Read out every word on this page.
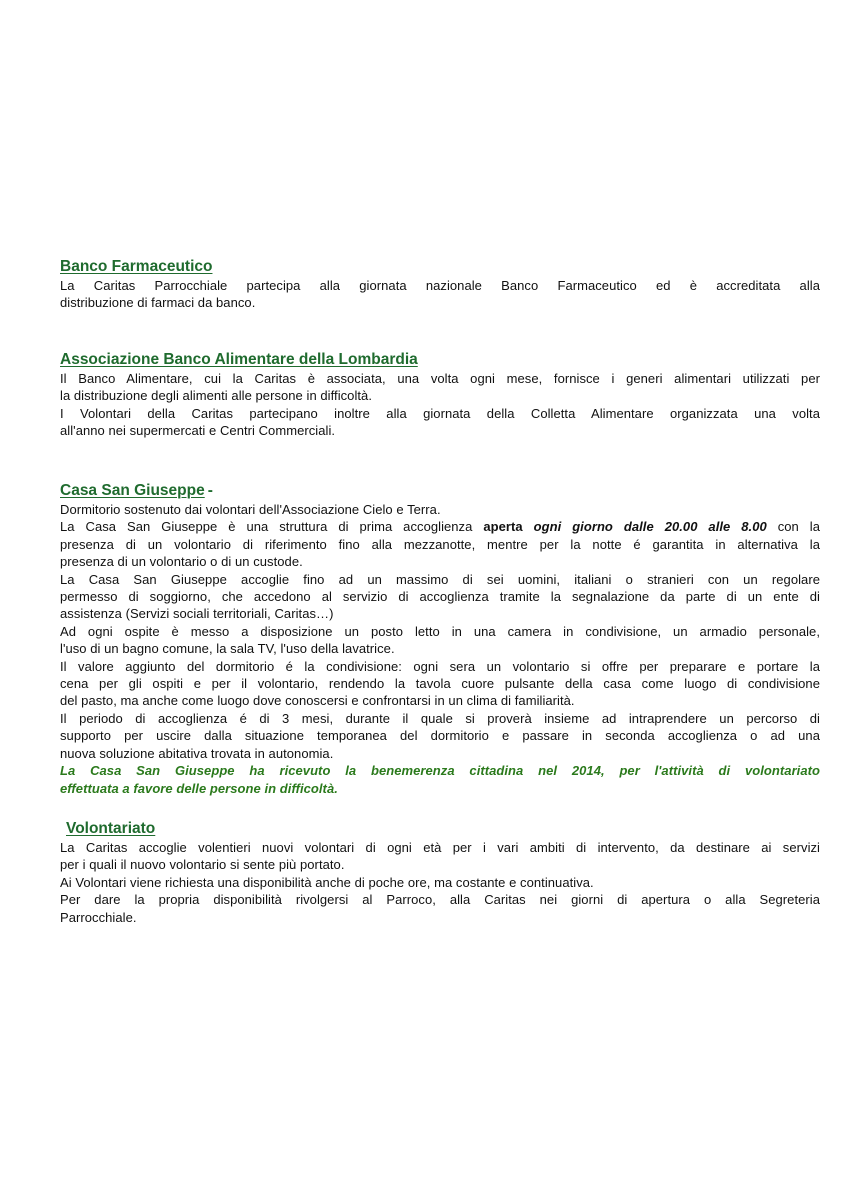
Banco Farmaceutico

La Caritas Parrocchiale partecipa alla giornata nazionale Banco Farmaceutico ed è accreditata alla

distribuzione di farmaci da banco.

Associazione Banco Alimentare della Lombardia

Il Banco Alimentare, cui la Caritas è associata, una volta ogni mese, fornisce i generi alimentari utilizzati per

la distribuzione degli alimenti alle persone in difficoltà.

I Volontari della Caritas partecipano inoltre alla giornata della Colletta Alimentare organizzata una volta

all'anno nei supermercati e Centri Commerciali.

Casa San Giuseppe -

Dormitorio sostenuto dai volontari dell'Associazione Cielo e Terra.

La Casa San Giuseppe è una struttura di prima accoglienza aperta ogni giorno dalle 20.00 alle 8.00 con la

presenza di un volontario di riferimento fino alla mezzanotte, mentre per la notte é garantita in alternativa la

presenza di un volontario o di un custode.

La Casa San Giuseppe accoglie fino ad un massimo di sei uomini, italiani o stranieri con un regolare

permesso di soggiorno, che accedono al servizio di accoglienza tramite la segnalazione da parte di un ente di

assistenza (Servizi sociali territoriali, Caritas…)

Ad ogni ospite è messo a disposizione un posto letto in una camera in condivisione, un armadio personale,

l'uso di un bagno comune, la sala TV, l'uso della lavatrice.

Il valore aggiunto del dormitorio é la condivisione: ogni sera un volontario si offre per preparare e portare la

cena per gli ospiti e per il volontario, rendendo la tavola cuore pulsante della casa come luogo di condivisione

del pasto, ma anche come luogo dove conoscersi e confrontarsi in un clima di familiarità.

Il periodo di accoglienza é di 3 mesi, durante il quale si proverà insieme ad intraprendere un percorso di

supporto per uscire dalla situazione temporanea del dormitorio e passare in seconda accoglienza o ad una

nuova soluzione abitativa trovata in autonomia.

La Casa San Giuseppe ha ricevuto la benemerenza cittadina nel 2014, per l'attività di volontariato

effettuata a favore delle persone in difficoltà.

Volontariato

La Caritas accoglie volentieri nuovi volontari di ogni età per i vari ambiti di intervento, da destinare ai servizi

per i quali il nuovo volontario si sente più portato.

Ai Volontari viene richiesta una disponibilità anche di poche ore, ma costante e continuativa.

Per dare la propria disponibilità rivolgersi al Parroco, alla Caritas nei giorni di apertura o alla Segreteria

Parrocchiale.
